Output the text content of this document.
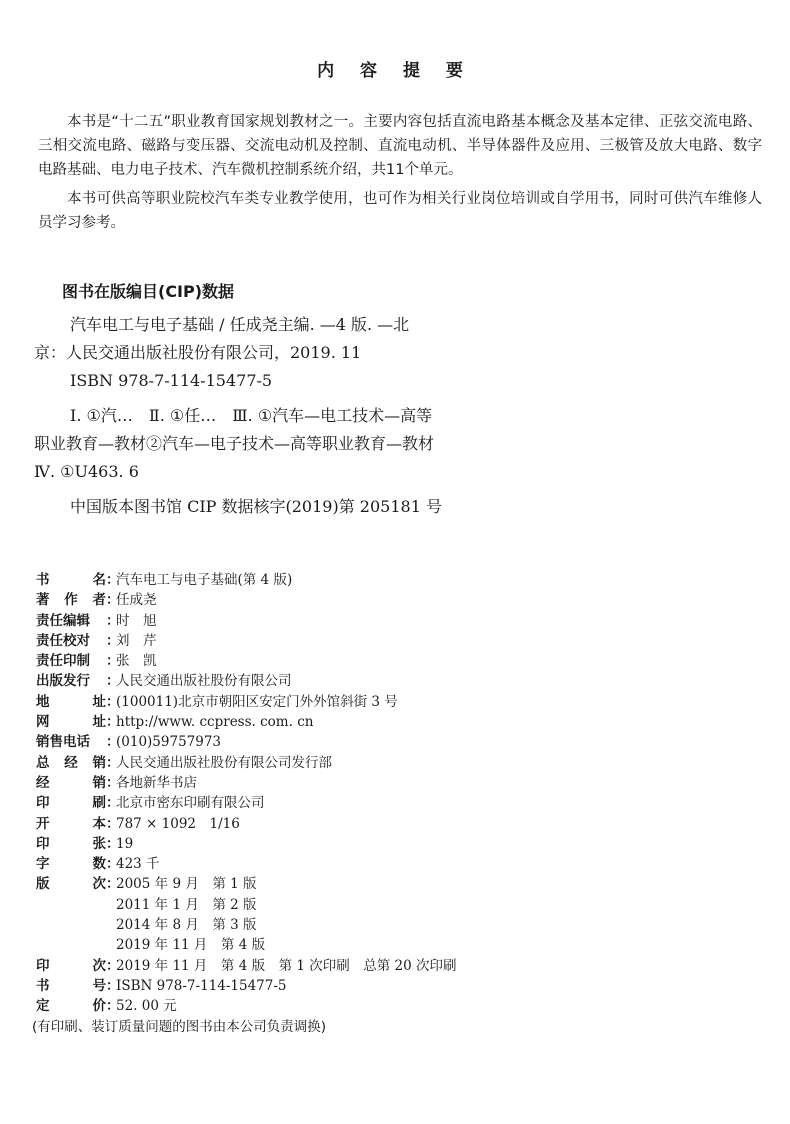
内 容 提 要

本书是“十二五”职业教育国家规划教材之一。主要内容包括直流电路基本概念及基本定律、正弦交流电路、三相交流电路、磁路与变压器、交流电动机及控制、直流电动机、半导体器件及应用、三极管及放大电路、数字电路基础、电力电子技术、汽车微机控制系统介绍，共11个单元。

本书可供高等职业院校汽车类专业教学使用，也可作为相关行业岗位培训或自学用书，同时可供汽车维修人员学习参考。

图书在版编目(CIP)数据
汽车电工与电子基础 / 任成尧主编. —4 版. —北
京：人民交通出版社股份有限公司，2019. 11
ISBN 978-7-114-15477-5
Ⅰ. ①汽…　Ⅱ. ①任…　Ⅲ. ①汽车—电工技术—高等
职业教育—教材②汽车—电子技术—高等职业教育—教材
Ⅳ. ①U463. 6
中国版本图书馆 CIP 数据核字(2019)第 205181 号
书	名 ：
汽车电工与电子基础(第 4 版)
著 作 者 ：
任成尧
责任编辑 ：
时　旭
责任校对 ：
刘　芹
责任印制 ：
张　凯
出版发行 ：
人民交通出版社股份有限公司
地	址 ：
(100011)北京市朝阳区安定门外外馆斜街 3 号
网	址 ：
http://www. ccpress. com. cn
销售电话 ：
(010)59757973
总 经 销 ：
人民交通出版社股份有限公司发行部
经	销 ：
各地新华书店
印	刷 ：
北京市密东印刷有限公司
开	本 ：
787 × 1092　1/16
印	张 ：
19
字	数 ：
423 千
版	次 ：
2005 年 9 月　第 1 版
2011 年 1 月　第 2 版
2014 年 8 月　第 3 版
2019 年 11 月　第 4 版
印	次 ：
2019 年 11 月　第 4 版　第 1 次印刷　总第 20 次印刷
书	号 ：
ISBN 978-7-114-15477-5
定	价 ：
52. 00 元
(有印刷、装订质量问题的图书由本公司负责调换)
